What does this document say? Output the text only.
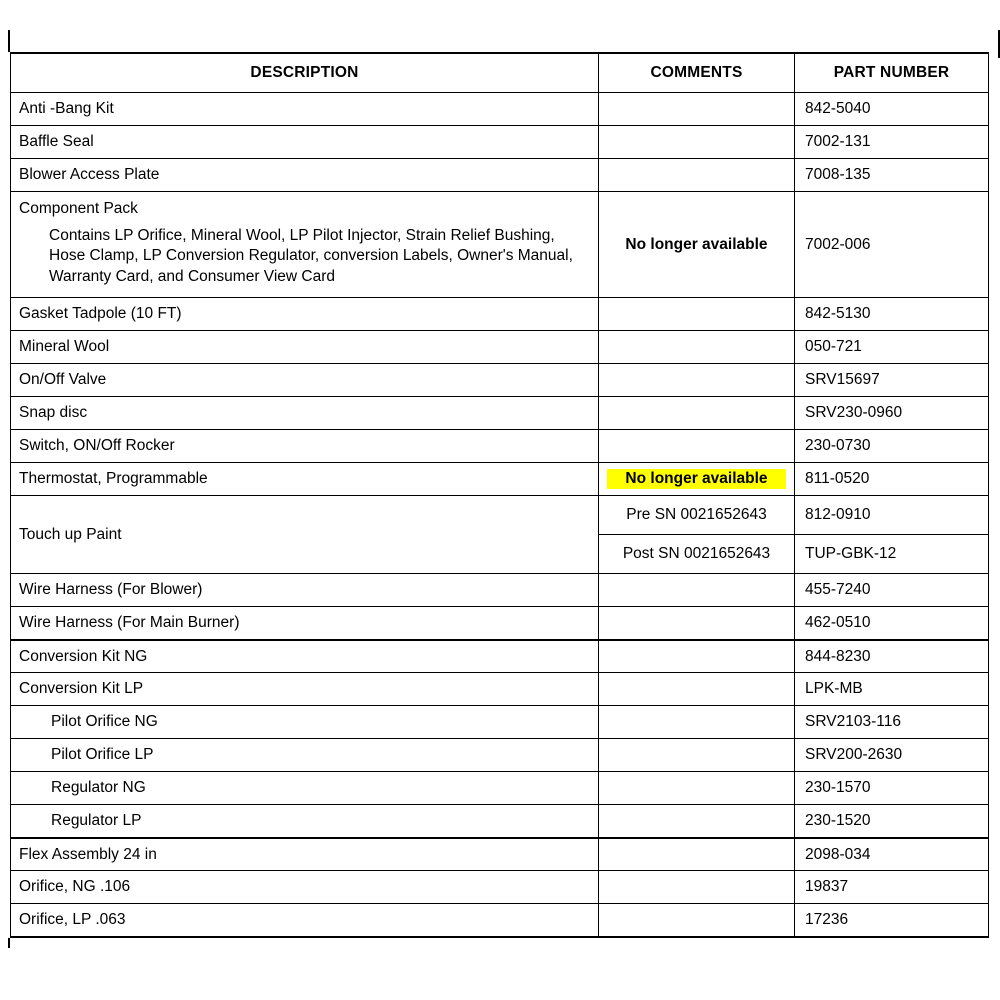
DESCRIPTION	COMMENTS	PART NUMBER
Anti -Bang Kit		842-5040
Baffle Seal		7002-131
Blower Access Plate		7008-135

Component Pack
Contains LP Orifice, Mineral Wool, LP Pilot Injector, Strain Relief Bushing, Hose Clamp, LP Conversion Regulator, conversion Labels, Owner's Manual, Warranty Card, and Consumer View Card	No longer available	7002-006
Gasket Tadpole (10 FT)		842-5130
Mineral Wool		050-721
On/Off Valve		SRV15697
Snap disc		SRV230-0960
Switch, ON/Off Rocker		230-0730
Thermostat, Programmable	No longer available	811-0520
Touch up Paint	Pre SN 0021652643	812-0910
	Post SN 0021652643	TUP-GBK-12
Wire Harness (For Blower)		455-7240
Wire Harness (For Main Burner)		462-0510
Conversion Kit NG		844-8230
Conversion Kit LP		LPK-MB
Pilot Orifice NG		SRV2103-116
Pilot Orifice LP		SRV200-2630
Regulator NG		230-1570
Regulator LP		230-1520
Flex Assembly 24 in		2098-034
Orifice, NG .106		19837
Orifice, LP .063		17236
